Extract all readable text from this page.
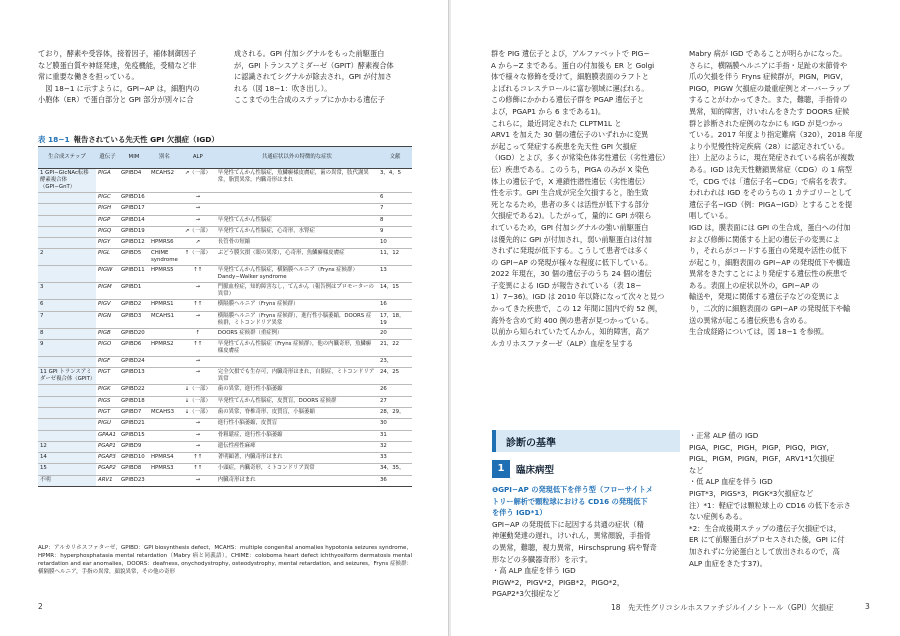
ており，酵素や受容体，接着因子，補体制御因子

など膜蛋白質や神経発達，免疫機能，受精など非

常に重要な働きを担っている。

図 18−1 に示すように，GPI−AP は，細胞内の

小胞体（ER）で蛋白部分と GPI 部分が別々に合

成される。GPI 付加シグナルをもった前駆蛋白

が，GPI トランスアミダーゼ（GPIT）酵素複合体

に認識されてシグナルが除去され，GPI が付加さ

れる（図 18−1：吹き出し）。

ここまでの生合成のステップにかかわる遺伝子

表 18−1 報告されている先天性 GPI 欠損症（IGD）
生合成ステップ	遺伝子	MIM	別名	ALP	共通症状以外の特徴的な症状	文献
1 GPI−GlcNAc転移酵素複合体（GPI−GnT）	PIGA	GPIBD4	MCAHS2	↗（一部）	早発性てんかん性脳症，魚鱗癬様皮膚症，歯の異常，肢代謝異常，脂質異常，内臓奇形はまれ	3，4，5
	PIGC	GPIBD16		→		6
	PIGH	GPIBD17		→		7
	PIGP	GPIBD14		→	早発性てんかん性脳症	8
	PIGQ	GPIBD19		↗（一部）	早発性てんかん性脳症，心奇形，水腎症	9
	PIGY	GPIBD12	HPMRS6	↗	長管骨の短縮	10
2	PIGL	GPIBD5	CHIME syndrome	↑（一部）	ぶどう膜欠損（眼の異常），心奇形，魚鱗癬様皮膚症	11，12
	PIGW	GPIBD11	HPMRS5	↑↑	早発性てんかん性脳症，横隔膜ヘルニア（Fryns 症候群）Dandy−Walker syndrome	13
3	PIGM	GPIBD1		→	門脈血栓症，知的障害なし，てんかん（報告例はプロモーターの異常）	14，15
6	PIGV	GPIBD2	HPMRS1	↑↑	横隔膜ヘルニア（Fryns 症候群）	16
7	PIGN	GPIBD3	MCAHS1	→	横隔膜ヘルニア（Fryns 症候群），進行性小脳萎縮，DOORS 症候群，ミトコンドリア異常	17，18，19
8	PIGB	GPIBD20		↑	DOORS 症候群（重症例）	20
9	PIGO	GPIBD6	HPMRS2	↑↑	早発性てんかん性脳症（Fryns 症候群），他の内臓奇形，魚鱗癬様皮膚症	21，22
	PIGF	GPIBD24		→		23，
11 GPI トランスアミダーゼ複合体（GPIT）	PIGT	GPIBD13		→	完全欠損でも生存可，内臓奇形はまれ，自閉症，ミトコンドリア異常	24，25
	PIGK	GPIBD22		↓（一部）	歯の異常，進行性小脳萎縮	26
	PIGS	GPIBD18		↓（一部）	早発性てんかん性脳症，皮質盲，DOORS 症候群	27
	PIGT	GPIBD7	MCAHS3	↓（一部）	歯の異常，脊椎奇形，皮質盲，小脳萎縮	28，29，
	PIGU	GPIBD21		→	進行性小脳萎縮，皮質盲	30
	GPAA1	GPIBD15		→	骨粗鬆症，進行性小脳萎縮	31
12	PGAP1	GPIBD9		→	遺伝性痙性麻痺	32
14	PGAP3	GPIBD10	HPMRS4	↑↑	著明顕著，内臓奇形はまれ	33
15	PGAP2	GPIBD8	HPMRS3	↑↑	小頭症，内臓奇形，ミトコンドリア異常	34，35，
不明	ARV1	GPIBD23		→	内臓奇形はまれ	36
ALP：アルカリホスファターゼ，GPIBD：GPI biosynthesis defect，MCAHS：multiple congenital anomalies hypotonia seizures syndrome，HPMR：hyperphosphatasia mental retardation（Mabry 病と同義語），CHIME：coloboma heart defect ichthyosiform dermatosis mental retardation and ear anomalies，DOORS：deafness, onychodystrophy, osteodystrophy, mental retardation, and seizures，Fryns 症候群：横隔膜ヘルニア，手指の異常，顔貌異常，その他の奇形
2

群を PIG 遺伝子とよび，アルファベットで PIG−

A から−Z まである。蛋白の付加後も ER と Golgi

体で様々な修飾を受けて，細胞膜表面のラフトと

よばれるコレステロールに富む領域に運ばれる。

この修飾にかかわる遺伝子群を PGAP 遺伝子と

よび，PGAP1 から 6 まである1)。

これらに，最近同定された CLPTM1L と

ARV1 を加えた 30 個の遺伝子のいずれかに変異

が起こって発症する疾患を先天性 GPI 欠損症

（IGD）とよび，多くが常染色体劣性遺伝（劣性遺伝）

伝）疾患である。このうち，PIGA のみが X 染色

体上の遺伝子で，X 連鎖性潜性遺伝（劣性遺伝）

性を示す。GPI 生合成が完全欠損すると，胎生致

死となるため，患者の多くは活性が低下する部分

欠損症である2)。したがって，量的に GPI が限ら

れているため，GPI 付加シグナルの強い前駆蛋白

は優先的に GPI が付加され，弱い前駆蛋白は付加

されずに発現が低下する。こうして患者では多く

の GPI−AP の発現が様々な程度に低下している。

2022 年現在，30 個の遺伝子のうち 24 個の遺伝

子変異による IGD が報告されている（表 18−

1）7~36)。IGD は 2010 年以降になって次々と見つ

かってきた疾患で，この 12 年間に国内で約 52 例，

海外を含めて約 400 例の患者が見つかっている。

以前から知られていたてんかん，知的障害，高ア

ルカリホスファターゼ（ALP）血症を呈する

Mabry 病が IGD であることが明らかになった。

さらに，横隔膜ヘルニアに手指・足趾の末節骨や

爪の欠損を伴う Fryns 症候群が，PIGN，PIGV，

PIGO，PIGW 欠損症の最重症例とオーバーラップ

することがわかってきた。また，難聴，手指骨の

異常，知的障害，けいれんをきたす DOORS 症候

群と診断された症例のなかにも IGD が見つかっ

ている。2017 年度より指定難病（320），2018 年度

より小児慢性特定疾病（28）に認定されている。

注）上記のように，現在発症されている病名が複数

ある。IGD は先天性糖鎖異常症（CDG）の 1 病型

で，CDG では「遺伝子名−CDG」で病名を表す。

われわれは IGD をそのうちの 1 カテゴリーとして

遺伝子名−IGD（例：PIGA−IGD）とすることを提

唱している。

IGD は，膜表面には GPI の生合成，蛋白への付加

および修飾に関係する上記の遺伝子の変異によ

り，それらがコードする蛋白の発現や活性の低下

が起こり，細胞表面の GPI−AP の発現低下や構造

異常をきたすことにより発症する遺伝性の疾患で

ある。表面上の症状以外の，GPI−AP の

輸送や，発現に関係する遺伝子などの変異によ

り，二次的に細胞表面の GPI−AP の発現低下や輸

送の異常が起こる遺伝疾患も含める。

生合成経路については，図 18−1 を参照。

❶GPI−AP の発現低下を伴う型（フローサイトメ

トリー解析で顆粒球における CD16 の発現低下

を伴う IGD*1）

GPI−AP の発現低下に起因する共通の症状（精

神運動発達の遅れ，けいれん，異常顔貌，手指骨

の異常，難聴，視力異常，Hirschsprung 病や腎奇

形などの多臓器奇形）を示す。

・高 ALP 血症を伴う IGD

PIGW*2，PIGV*2，PIGB*2，PIGO*2，

PGAP2*3欠損症など

・正常 ALP 値の IGD

PIGA，PIGC，PIGH，PIGP，PIGQ，PIGY，

PIGL，PIGM，PIGN，PIGF，ARV1*1欠損症

など

・低 ALP 血症を伴う IGD

PIGT*3，PIGS*3，PIGK*3欠損症など

注）*1：軽症では顆粒球上の CD16 の低下を示さ

ない症例もある。

*2：生合成後期ステップの遺伝子欠損症では，

ER にて前駆蛋白がプロセスされた後，GPI に付

加されずに分泌蛋白として放出されるので，高

ALP 血症をきたす37)。

18　先天性グリコシルホスファチジルイノシトール（GPI）欠損症	3
診断の基準
1	臨床病型
